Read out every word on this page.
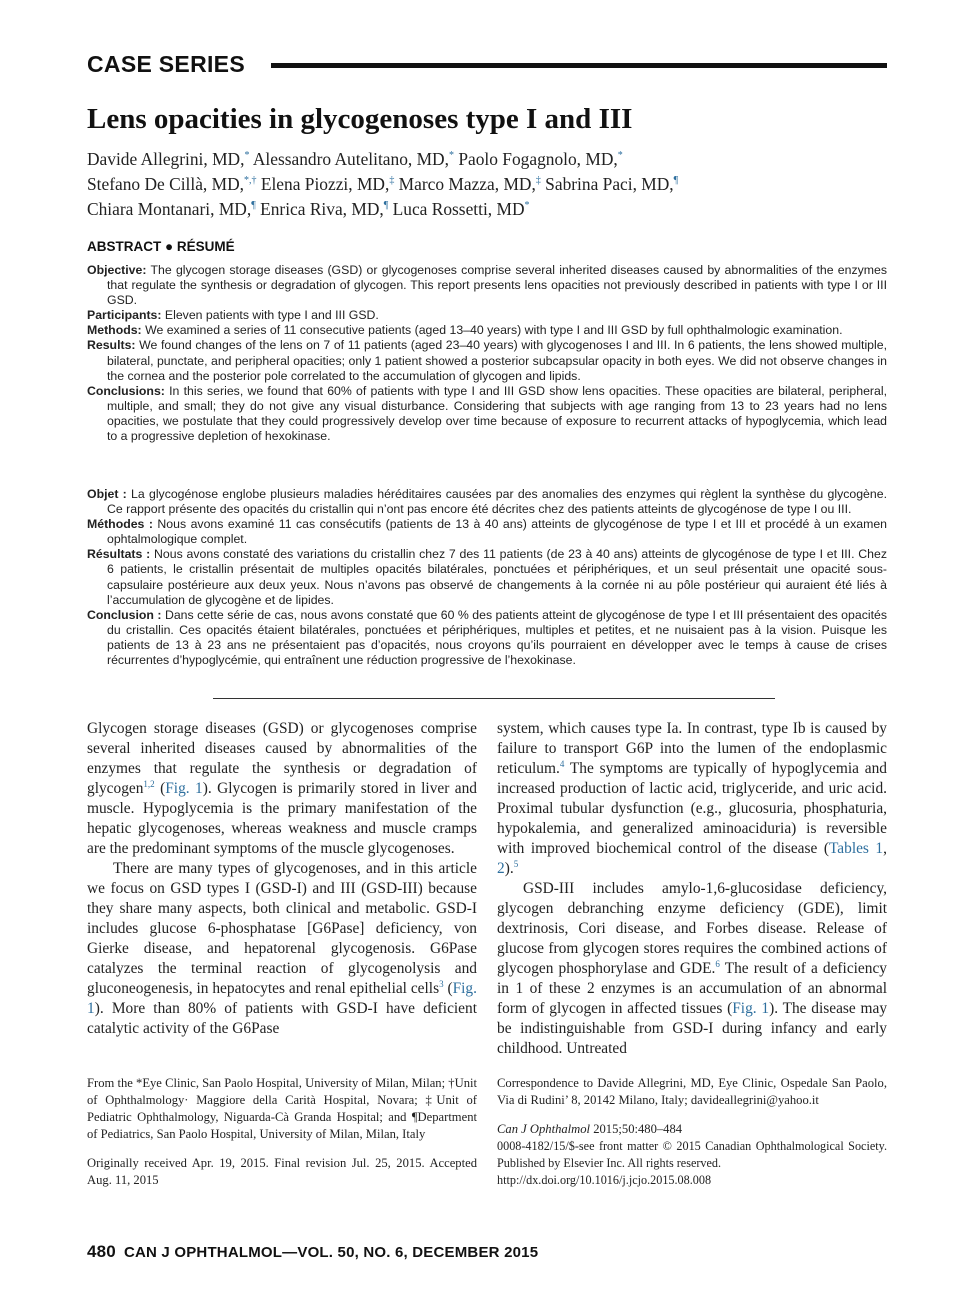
CASE SERIES
Lens opacities in glycogenoses type I and III
Davide Allegrini, MD,* Alessandro Autelitano, MD,* Paolo Fogagnolo, MD,*
Stefano De Cillà, MD,*,† Elena Piozzi, MD,‡ Marco Mazza, MD,‡ Sabrina Paci, MD,¶
Chiara Montanari, MD,¶ Enrica Riva, MD,¶ Luca Rossetti, MD*
ABSTRACT ● RÉSUMÉ
Objective: The glycogen storage diseases (GSD) or glycogenoses comprise several inherited diseases caused by abnormalities of the enzymes that regulate the synthesis or degradation of glycogen. This report presents lens opacities not previously described in patients with type I or III GSD.
Participants: Eleven patients with type I and III GSD.
Methods: We examined a series of 11 consecutive patients (aged 13–40 years) with type I and III GSD by full ophthalmologic examination.
Results: We found changes of the lens on 7 of 11 patients (aged 23–40 years) with glycogenoses I and III. In 6 patients, the lens showed multiple, bilateral, punctate, and peripheral opacities; only 1 patient showed a posterior subcapsular opacity in both eyes. We did not observe changes in the cornea and the posterior pole correlated to the accumulation of glycogen and lipids.
Conclusions: In this series, we found that 60% of patients with type I and III GSD show lens opacities. These opacities are bilateral, peripheral, multiple, and small; they do not give any visual disturbance. Considering that subjects with age ranging from 13 to 23 years had no lens opacities, we postulate that they could progressively develop over time because of exposure to recurrent attacks of hypoglycemia, which lead to a progressive depletion of hexokinase.
Objet : La glycogénose englobe plusieurs maladies héréditaires causées par des anomalies des enzymes qui règlent la synthèse du glycogène. Ce rapport présente des opacités du cristallin qui n’ont pas encore été décrites chez des patients atteints de glycogénose de type I ou III.
Méthodes : Nous avons examiné 11 cas consécutifs (patients de 13 à 40 ans) atteints de glycogénose de type I et III et procédé à un examen ophtalmologique complet.
Résultats : Nous avons constaté des variations du cristallin chez 7 des 11 patients (de 23 à 40 ans) atteints de glycogénose de type I et III. Chez 6 patients, le cristallin présentait de multiples opacités bilatérales, ponctuées et périphériques, et un seul présentait une opacité sous-capsulaire postérieure aux deux yeux. Nous n’avons pas observé de changements à la cornée ni au pôle postérieur qui auraient été liés à l’accumulation de glycogène et de lipides.
Conclusion : Dans cette série de cas, nous avons constaté que 60 % des patients atteint de glycogénose de type I et III présentaient des opacités du cristallin. Ces opacités étaient bilatérales, ponctuées et périphériques, multiples et petites, et ne nuisaient pas à la vision. Puisque les patients de 13 à 23 ans ne présentaient pas d’opacités, nous croyons qu’ils pourraient en développer avec le temps à cause de crises récurrentes d’hypoglycémie, qui entraînent une réduction progressive de l’hexokinase.

Glycogen storage diseases (GSD) or glycogenoses comprise several inherited diseases caused by abnormalities of the enzymes that regulate the synthesis or degradation of glycogen$^{1,2}$ (Fig. 1). Glycogen is primarily stored in liver and muscle. Hypoglycemia is the primary manifestation of the hepatic glycogenoses, whereas weakness and muscle cramps are the predominant symptoms of the muscle glycogenoses.

There are many types of glycogenoses, and in this article we focus on GSD types I (GSD-I) and III (GSD-III) because they share many aspects, both clinical and metabolic. GSD-I includes glucose 6-phosphatase [G6Pase] deficiency, von Gierke disease, and hepatorenal glycogenosis. G6Pase catalyzes the terminal reaction of glycogenolysis and gluconeogenesis, in hepatocytes and renal epithelial cells$^3$ (Fig. 1). More than 80% of patients with GSD-I have deficient catalytic activity of the G6Pase

system, which causes type Ia. In contrast, type Ib is caused by failure to transport G6P into the lumen of the endoplasmic reticulum.$^4$ The symptoms are typically of hypoglycemia and increased production of lactic acid, triglyceride, and uric acid. Proximal tubular dysfunction (e.g., glucosuria, phosphaturia, hypokalemia, and generalized aminoaciduria) is reversible with improved biochemical control of the disease (Tables 1, 2).$^5$

GSD-III includes amylo-1,6-glucosidase deficiency, glycogen debranching enzyme deficiency (GDE), limit dextrinosis, Cori disease, and Forbes disease. Release of glucose from glycogen stores requires the combined actions of glycogen phosphorylase and GDE.$^6$ The result of a deficiency in 1 of these 2 enzymes is an accumulation of an abnormal form of glycogen in affected tissues (Fig. 1). The disease may be indistinguishable from GSD-I during infancy and early childhood. Untreated

From the *Eye Clinic, San Paolo Hospital, University of Milan, Milan; †Unit of Ophthalmology· Maggiore della Carità Hospital, Novara; ‡Unit of Pediatric Ophthalmology, Niguarda-Cà Granda Hospital; and ¶Department of Pediatrics, San Paolo Hospital, University of Milan, Milan, Italy

Originally received Apr. 19, 2015. Final revision Jul. 25, 2015. Accepted Aug. 11, 2015

Correspondence to Davide Allegrini, MD, Eye Clinic, Ospedale San Paolo, Via di Rudini’ 8, 20142 Milano, Italy; davideallegrini@yahoo.it

Can J Ophthalmol 2015;50:480–484

0008-4182/15/$-see front matter © 2015 Canadian Ophthalmological Society. Published by Elsevier Inc. All rights reserved.

http://dx.doi.org/10.1016/j.jcjo.2015.08.008

480 CAN J OPHTHALMOL—VOL. 50, NO. 6, DECEMBER 2015
